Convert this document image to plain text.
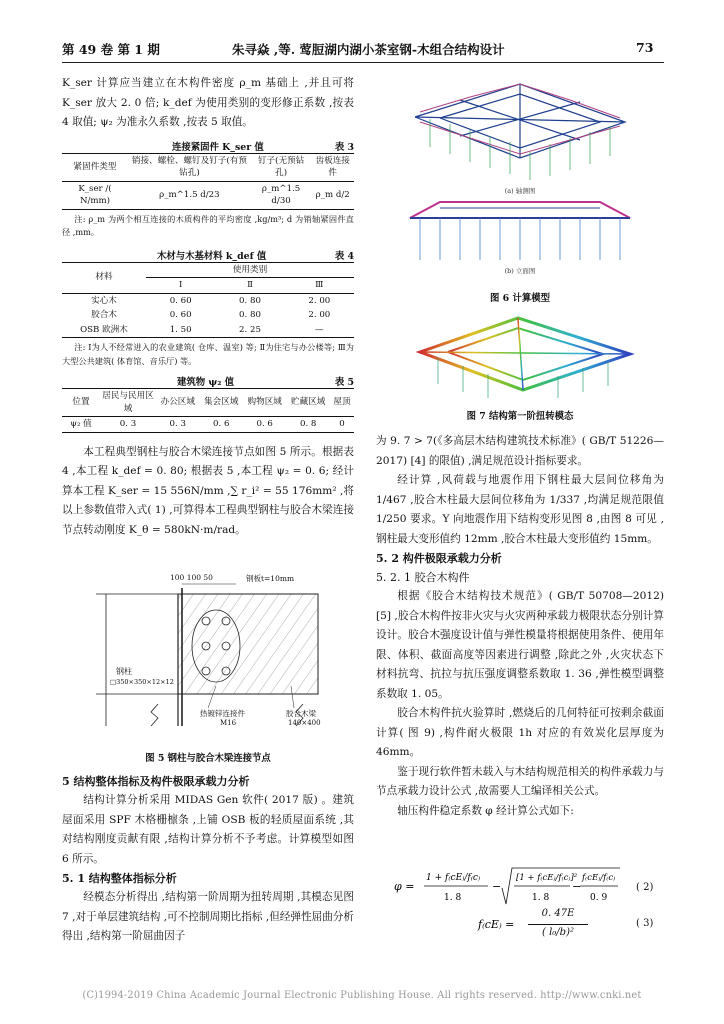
第 49 卷 第 1 期	朱寻焱 ,等. 莺脰湖内湖小茶室钢-木组合结构设计	73

K_ser 计算应当建立在木构件密度 ρ_m 基础上 ,并且可将 K_ser 放大 2. 0 倍; k_def 为使用类别的变形修正系数 ,按表 4 取值; ψ₂ 为准永久系数 ,按表 5 取值。

连接紧固件 K_ser 值	表 3
紧固件类型	销接、螺栓、螺钉及钉子(有预钻孔)	钉子(无预钻孔)	齿板连接件
K_ser /( N/mm)	ρ_m^1.5 d/23	ρ_m^1.5 d/30	ρ_m d/2

注: ρ_m 为两个相互连接的木质构件的平均密度 ,kg/m³; d 为销轴紧固件直径 ,mm。

木材与木基材料 k_def 值	表 4
材料	使用类别		
	Ⅰ	Ⅱ	Ⅲ
实心木	0. 60	0. 80	2. 00
胶合木	0. 60	0. 80	2. 00
OSB 欧洲木	1. 50	2. 25	—

注: Ⅰ为人不经常进入的农业建筑( 仓库、温室) 等; Ⅱ为住宅与办公楼等; Ⅲ为大型公共建筑( 体育馆、音乐厅) 等。

建筑物 ψ₂ 值	表 5
位置	居民与民用区域	办公区域	集会区域	购物区域	贮藏区域	屋顶
ψ₂ 值	0. 3	0. 3	0. 6	0. 6	0. 8	0

本工程典型钢柱与胶合木梁连接节点如图 5 所示。根据表 4 ,本工程 k_def = 0. 80; 根据表 5 ,本工程 ψ₂ = 0. 6; 经计算本工程 K_ser = 15 556N/mm ,∑ r_i² = 55 176mm² ,将以上参数值带入式( 1) ,可算得本工程典型钢柱与胶合木梁连接节点转动刚度 K_θ = 580kN·m/rad。

100 100 50	钢板t=10mm
钢柱
□350×350×12×12
热镀锌连接件
M16
胶合木梁
140×400
图 5 钢柱与胶合木梁连接节点
5 结构整体指标及构件极限承载力分析

结构计算分析采用 MIDAS Gen 软件( 2017 版) 。建筑屋面采用 SPF 木格栅檩条 ,上铺 OSB 板的轻质屋面系统 ,其对结构刚度贡献有限 ,结构计算分析不予考虑。计算模型如图 6 所示。

5. 1 结构整体指标分析

经模态分析得出 ,结构第一阶周期为扭转周期 ,其模态见图 7 ,对于单层建筑结构 ,可不控制周期比指标 ,但经弹性屈曲分析得出 ,结构第一阶屈曲因子

(a) 轴测图
(b) 立面图
图 6 计算模型
图 7 结构第一阶扭转模态

为 9. 7 > 7(《多高层木结构建筑技术标准》( GB/T 51226—2017) [4] 的限值) ,满足规范设计指标要求。

经计算 ,风荷载与地震作用下钢柱最大层间位移角为 1/467 ,胶合木柱最大层间位移角为 1/337 ,均满足规范限值 1/250 要求。Y 向地震作用下结构变形见图 8 ,由图 8 可见 ,钢柱最大变形值约 12mm ,胶合木柱最大变形值约 15mm。

5. 2 构件极限承载力分析
5. 2. 1 胶合木构件

根据《胶合木结构技术规范》( GB/T 50708—2012) [5] ,胶合木构件按非火灾与火灾两种承载力极限状态分别计算设计。胶合木强度设计值与弹性模量将根据使用条件、使用年限、体积、截面高度等因素进行调整 ,除此之外 ,火灾状态下材料抗弯、抗拉与抗压强度调整系数取 1. 36 ,弹性模型调整系数取 1. 05。

胶合木构件抗火验算时 ,燃烧后的几何特征可按剩余截面计算( 图 9) ,构件耐火极限 1h 对应的有效炭化层厚度为 46mm。

鉴于现行软件暂未载入与木结构规范相关的构件承载力与节点承载力设计公式 ,故需要人工编译相关公式。

轴压构件稳定系数 φ 经计算公式如下:

φ =
1 + f₍cE₎/f₍c₎
1. 8
−
[1 + f₍cE₎/f₍c₎]²
1. 8
−
f₍cE₎/f₍c₎
0. 9
( 2)
f₍cE₎ =
0. 47E
( l₀/b)²
( 3)
(C)1994-2019 China Academic Journal Electronic Publishing House. All rights reserved. http://www.cnki.net
